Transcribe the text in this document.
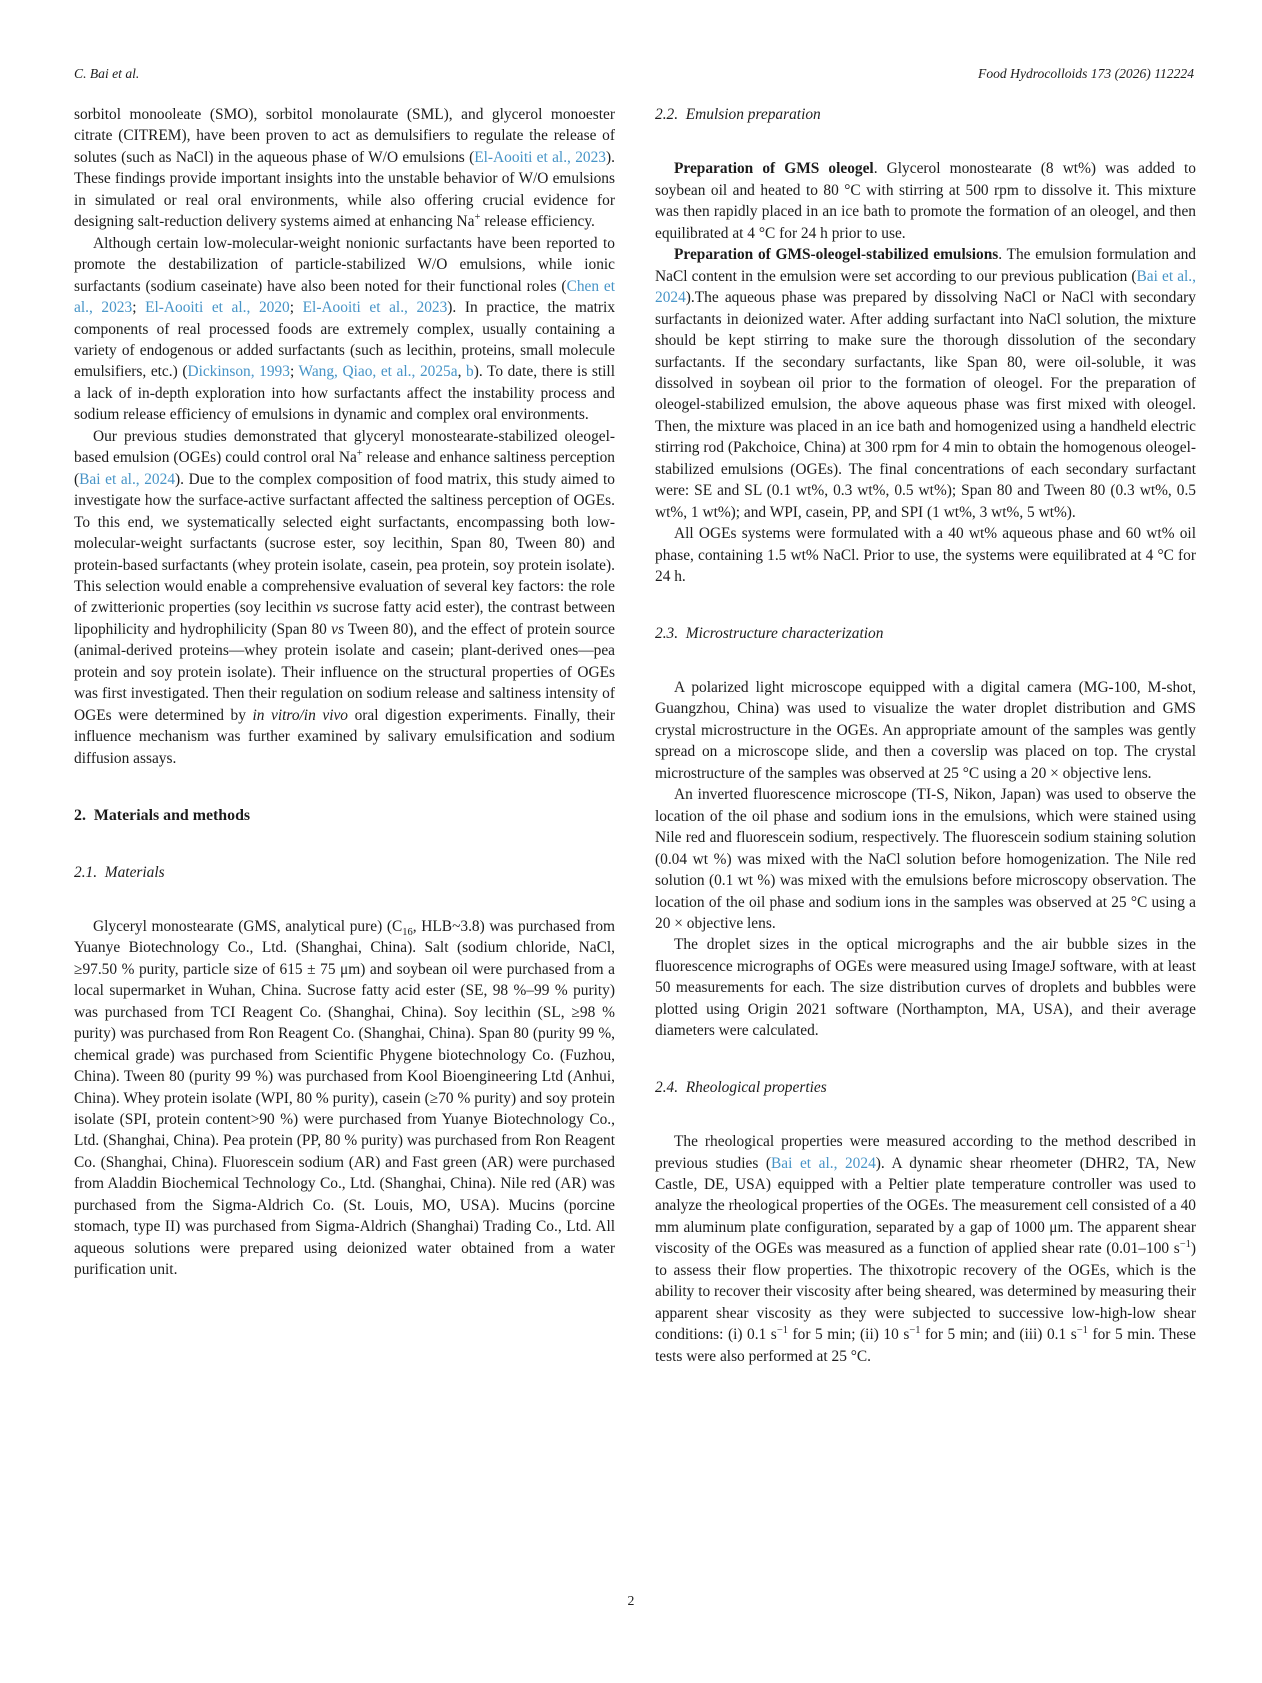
C. Bai et al.	Food Hydrocolloids 173 (2026) 112224

sorbitol monooleate (SMO), sorbitol monolaurate (SML), and glycerol monoester citrate (CITREM), have been proven to act as demulsifiers to regulate the release of solutes (such as NaCl) in the aqueous phase of W/O emulsions (El-Aooiti et al., 2023). These findings provide important insights into the unstable behavior of W/O emulsions in simulated or real oral environments, while also offering crucial evidence for designing salt-reduction delivery systems aimed at enhancing Na+ release efficiency.

Although certain low-molecular-weight nonionic surfactants have been reported to promote the destabilization of particle-stabilized W/O emulsions, while ionic surfactants (sodium caseinate) have also been noted for their functional roles (Chen et al., 2023; El-Aooiti et al., 2020; El-Aooiti et al., 2023). In practice, the matrix components of real processed foods are extremely complex, usually containing a variety of endogenous or added surfactants (such as lecithin, proteins, small molecule emulsifiers, etc.) (Dickinson, 1993; Wang, Qiao, et al., 2025a, b). To date, there is still a lack of in-depth exploration into how surfactants affect the instability process and sodium release efficiency of emulsions in dynamic and complex oral environments.

Our previous studies demonstrated that glyceryl monostearate-stabilized oleogel-based emulsion (OGEs) could control oral Na+ release and enhance saltiness perception (Bai et al., 2024). Due to the complex composition of food matrix, this study aimed to investigate how the surface-active surfactant affected the saltiness perception of OGEs. To this end, we systematically selected eight surfactants, encompassing both low-molecular-weight surfactants (sucrose ester, soy lecithin, Span 80, Tween 80) and protein-based surfactants (whey protein isolate, casein, pea protein, soy protein isolate). This selection would enable a comprehensive evaluation of several key factors: the role of zwitterionic properties (soy lecithin vs sucrose fatty acid ester), the contrast between lipophilicity and hydrophilicity (Span 80 vs Tween 80), and the effect of protein source (animal-derived proteins—whey protein isolate and casein; plant-derived ones—pea protein and soy protein isolate). Their influence on the structural properties of OGEs was first investigated. Then their regulation on sodium release and saltiness intensity of OGEs were determined by in vitro/in vivo oral digestion experiments. Finally, their influence mechanism was further examined by salivary emulsification and sodium diffusion assays.

2. Materials and methods
2.1. Materials

Glyceryl monostearate (GMS, analytical pure) ($C_{16}$, HLB~3.8) was purchased from Yuanye Biotechnology Co., Ltd. (Shanghai, China). Salt (sodium chloride, NaCl, ≥97.50 % purity, particle size of 615 ± 75 μm) and soybean oil were purchased from a local supermarket in Wuhan, China. Sucrose fatty acid ester (SE, 98 %–99 % purity) was purchased from TCI Reagent Co. (Shanghai, China). Soy lecithin (SL, ≥98 % purity) was purchased from Ron Reagent Co. (Shanghai, China). Span 80 (purity 99 %, chemical grade) was purchased from Scientific Phygene biotechnology Co. (Fuzhou, China). Tween 80 (purity 99 %) was purchased from Kool Bioengineering Ltd (Anhui, China). Whey protein isolate (WPI, 80 % purity), casein (≥70 % purity) and soy protein isolate (SPI, protein content>90 %) were purchased from Yuanye Biotechnology Co., Ltd. (Shanghai, China). Pea protein (PP, 80 % purity) was purchased from Ron Reagent Co. (Shanghai, China). Fluorescein sodium (AR) and Fast green (AR) were purchased from Aladdin Biochemical Technology Co., Ltd. (Shanghai, China). Nile red (AR) was purchased from the Sigma-Aldrich Co. (St. Louis, MO, USA). Mucins (porcine stomach, type II) was purchased from Sigma-Aldrich (Shanghai) Trading Co., Ltd. All aqueous solutions were prepared using deionized water obtained from a water purification unit.

2.2. Emulsion preparation

Preparation of GMS oleogel. Glycerol monostearate (8 wt%) was added to soybean oil and heated to 80 °C with stirring at 500 rpm to dissolve it. This mixture was then rapidly placed in an ice bath to promote the formation of an oleogel, and then equilibrated at 4 °C for 24 h prior to use.

Preparation of GMS-oleogel-stabilized emulsions. The emulsion formulation and NaCl content in the emulsion were set according to our previous publication (Bai et al., 2024).The aqueous phase was prepared by dissolving NaCl or NaCl with secondary surfactants in deionized water. After adding surfactant into NaCl solution, the mixture should be kept stirring to make sure the thorough dissolution of the secondary surfactants. If the secondary surfactants, like Span 80, were oil-soluble, it was dissolved in soybean oil prior to the formation of oleogel. For the preparation of oleogel-stabilized emulsion, the above aqueous phase was first mixed with oleogel. Then, the mixture was placed in an ice bath and homogenized using a handheld electric stirring rod (Pakchoice, China) at 300 rpm for 4 min to obtain the homogenous oleogel-stabilized emulsions (OGEs). The final concentrations of each secondary surfactant were: SE and SL (0.1 wt%, 0.3 wt%, 0.5 wt%); Span 80 and Tween 80 (0.3 wt%, 0.5 wt%, 1 wt%); and WPI, casein, PP, and SPI (1 wt%, 3 wt%, 5 wt%).

All OGEs systems were formulated with a 40 wt% aqueous phase and 60 wt% oil phase, containing 1.5 wt% NaCl. Prior to use, the systems were equilibrated at 4 °C for 24 h.

2.3. Microstructure characterization

A polarized light microscope equipped with a digital camera (MG-100, M-shot, Guangzhou, China) was used to visualize the water droplet distribution and GMS crystal microstructure in the OGEs. An appropriate amount of the samples was gently spread on a microscope slide, and then a coverslip was placed on top. The crystal microstructure of the samples was observed at 25 °C using a 20 × objective lens.

An inverted fluorescence microscope (TI-S, Nikon, Japan) was used to observe the location of the oil phase and sodium ions in the emulsions, which were stained using Nile red and fluorescein sodium, respectively. The fluorescein sodium staining solution (0.04 wt %) was mixed with the NaCl solution before homogenization. The Nile red solution (0.1 wt %) was mixed with the emulsions before microscopy observation. The location of the oil phase and sodium ions in the samples was observed at 25 °C using a 20 × objective lens.

The droplet sizes in the optical micrographs and the air bubble sizes in the fluorescence micrographs of OGEs were measured using ImageJ software, with at least 50 measurements for each. The size distribution curves of droplets and bubbles were plotted using Origin 2021 software (Northampton, MA, USA), and their average diameters were calculated.

2.4. Rheological properties

The rheological properties were measured according to the method described in previous studies (Bai et al., 2024). A dynamic shear rheometer (DHR2, TA, New Castle, DE, USA) equipped with a Peltier plate temperature controller was used to analyze the rheological properties of the OGEs. The measurement cell consisted of a 40 mm aluminum plate configuration, separated by a gap of 1000 μm. The apparent shear viscosity of the OGEs was measured as a function of applied shear rate (0.01–100 $s^{-1}$) to assess their flow properties. The thixotropic recovery of the OGEs, which is the ability to recover their viscosity after being sheared, was determined by measuring their apparent shear viscosity as they were subjected to successive low-high-low shear conditions: (i) 0.1 $s^{-1}$ for 5 min; (ii) 10 $s^{-1}$ for 5 min; and (iii) 0.1 $s^{-1}$ for 5 min. These tests were also performed at 25 °C.

2
